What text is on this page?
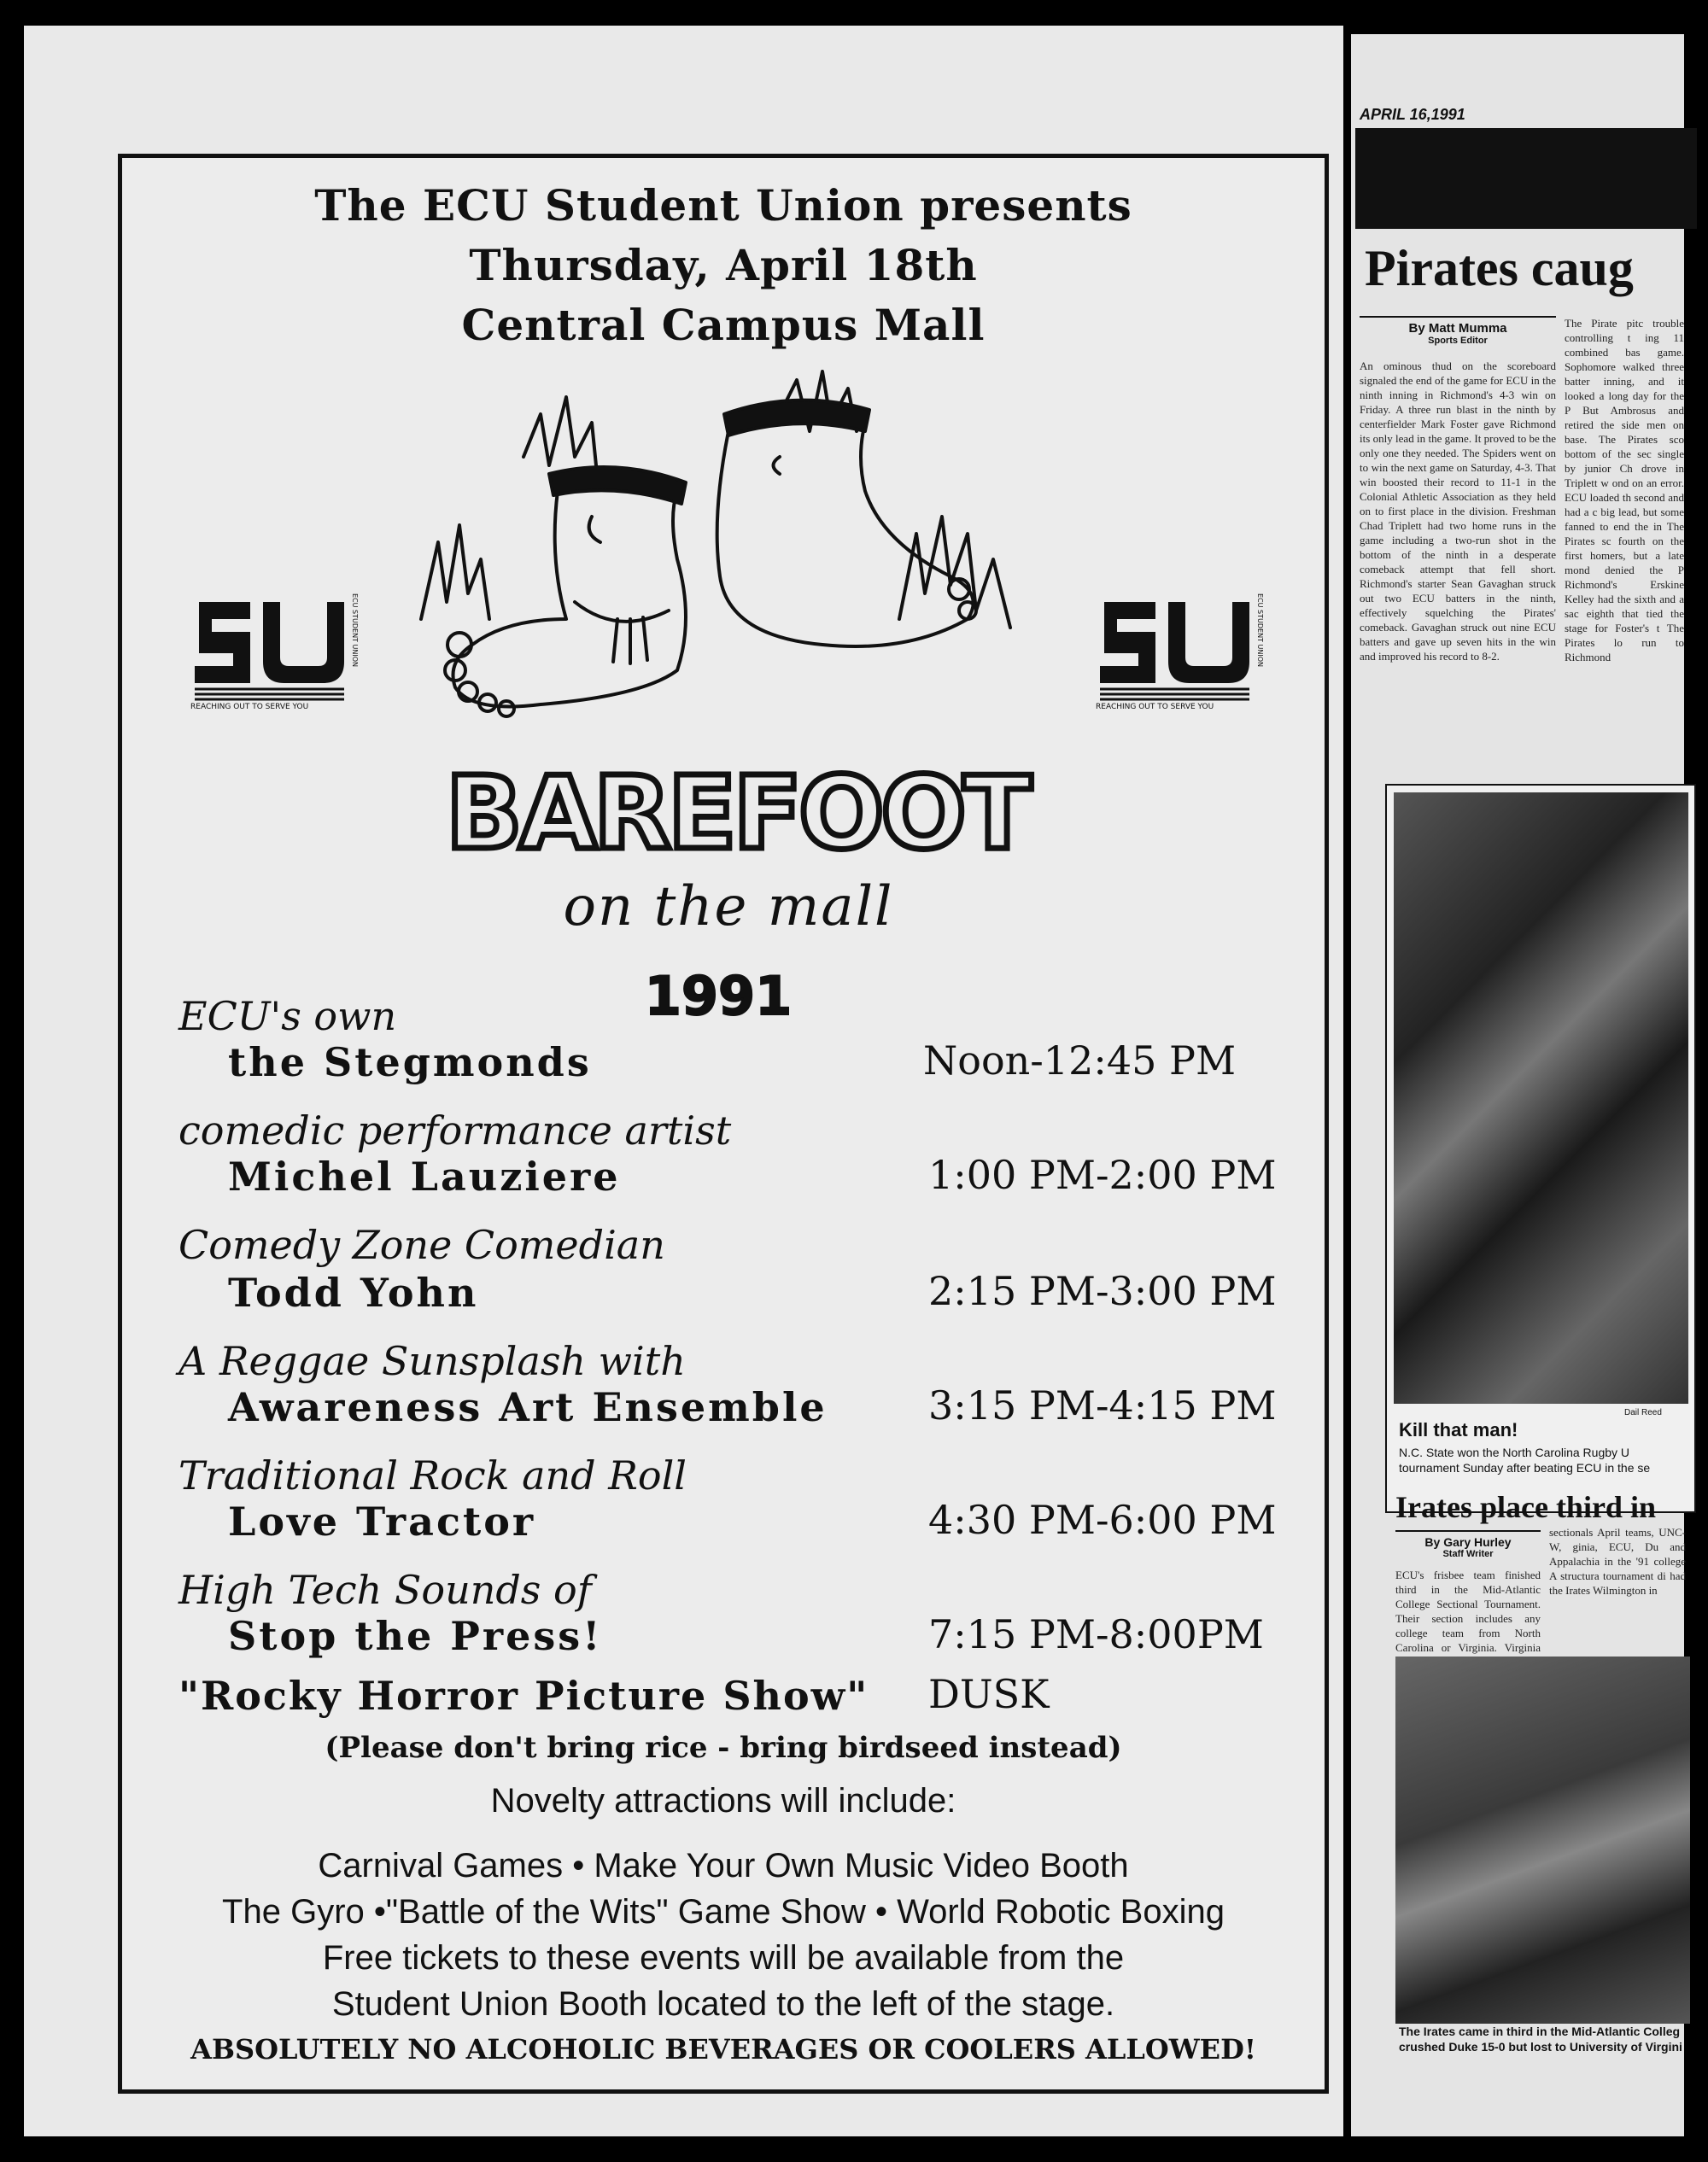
The ECU Student Union presents
Thursday, April 18th
Central Campus Mall
REACHING OUT TO SERVE YOU
ECU STUDENT UNION
REACHING OUT TO SERVE YOU
ECU STUDENT UNION
BAREFOOT
on the mall
1991
ECU's own
the Stegmonds	Noon-12:45 PM
comedic performance artist
Michel Lauziere	1:00 PM-2:00 PM
Comedy Zone Comedian
Todd Yohn	2:15 PM-3:00 PM
A Reggae Sunsplash with
Awareness Art Ensemble	3:15 PM-4:15 PM
Traditional Rock and Roll
Love Tractor	4:30 PM-6:00 PM
High Tech Sounds of
Stop the Press!	7:15 PM-8:00PM
"Rocky Horror Picture Show" DUSK
(Please don't bring rice - bring birdseed instead)
Novelty attractions will include:
Carnival Games • Make Your Own Music Video Booth
The Gyro •"Battle of the Wits" Game Show • World Robotic Boxing
Free tickets to these events will be available from the
Student Union Booth located to the left of the stage.
ABSOLUTELY NO ALCOHOLIC BEVERAGES OR COOLERS ALLOWED!
APRIL 16,1991
Pirates caug
By Matt Mumma
Sports Editor
An ominous thud on the scoreboard signaled the end of the game for ECU in the ninth inning in Richmond's 4-3 win on Friday. A three run blast in the ninth by centerfielder Mark Foster gave Richmond its only lead in the game. It proved to be the only one they needed. The Spiders went on to win the next game on Saturday, 4-3. That win boosted their record to 11-1 in the Colonial Athletic Association as they held on to first place in the division. Freshman Chad Triplett had two home runs in the game including a two-run shot in the bottom of the ninth in a desperate comeback attempt that fell short. Richmond's starter Sean Gavaghan struck out two ECU batters in the ninth, effectively squelching the Pirates' comeback. Gavaghan struck out nine ECU batters and gave up seven hits in the win and improved his record to 8-2.
The Pirate pitc trouble controlling t ing 11 combined bas game. Sophomore walked three batter inning, and it looked a long day for the P But Ambrosus and retired the side men on base. The Pirates sco bottom of the sec single by junior Ch drove in Triplett w ond on an error. ECU loaded th second and had a c big lead, but some fanned to end the in The Pirates sc fourth on the first homers, but a late mond denied the P Richmond's Erskine Kelley had the sixth and a sac eighth that tied the stage for Foster's t The Pirates lo run to Richmond
Dail Reed
Kill that man!
N.C. State won the North Carolina Rugby U tournament Sunday after beating ECU in the se
Irates place third in
By Gary Hurley
Staff Writer
ECU's frisbee team finished third in the Mid-Atlantic College Sectional Tournament. Their section includes any college team from North Carolina or Virginia. Virginia
sectionals April teams, UNC-W, ginia, ECU, Du and Appalachia in the '91 college A structura tournament di had the Irates Wilmington in
The Irates came in third in the Mid-Atlantic Colleg crushed Duke 15-0 but lost to University of Virgini
